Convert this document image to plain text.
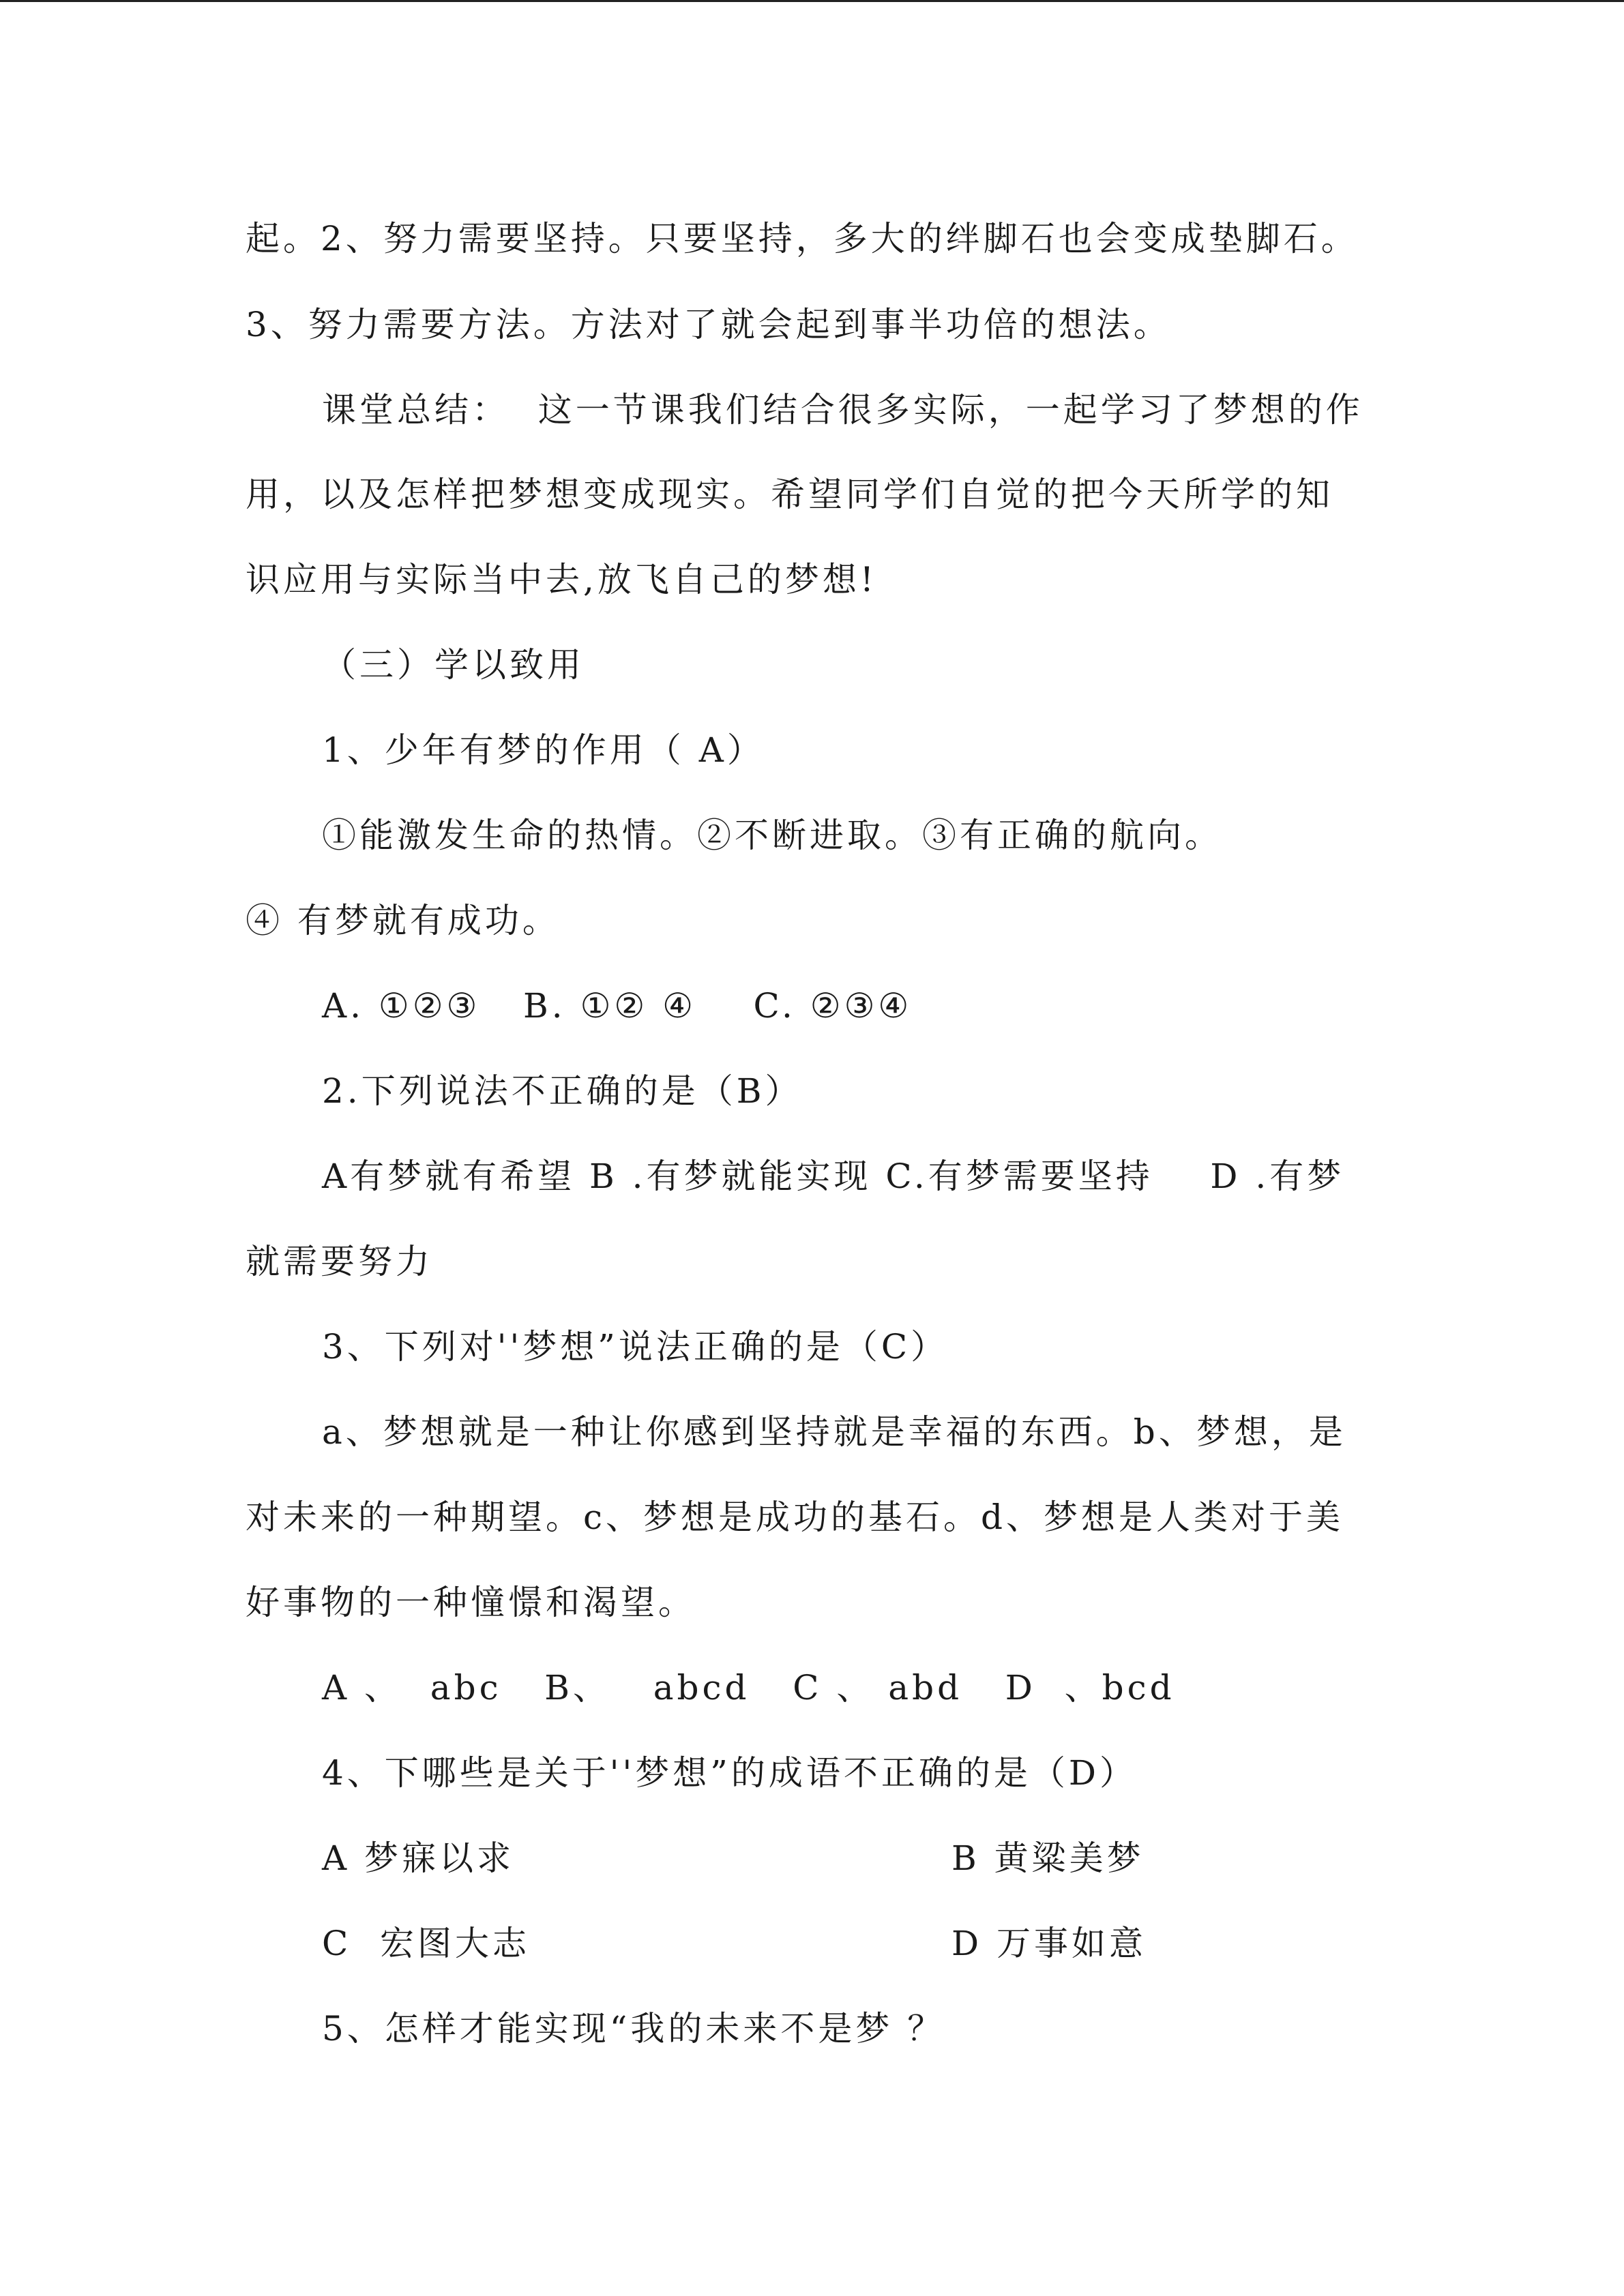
起。2、努力需要坚持。只要坚持，多大的绊脚石也会变成垫脚石。

3、努力需要方法。方法对了就会起到事半功倍的想法。

课堂总结：  这一节课我们结合很多实际，一起学习了梦想的作

用，以及怎样把梦想变成现实。希望同学们自觉的把今天所学的知

识应用与实际当中去,放飞自己的梦想!

（三）学以致用

1、少年有梦的作用（ A）

①能激发生命的热情。②不断进取。③有正确的航向。

④ 有梦就有成功。

A. ①②③   B. ①② ④    C. ②③④

2.下列说法不正确的是（B）

A有梦就有希望 B .有梦就能实现 C.有梦需要坚持    D .有梦

就需要努力

3、下列对''梦想”说法正确的是（C）

a、梦想就是一种让你感到坚持就是幸福的东西。b、梦想，是

对未来的一种期望。c、梦想是成功的基石。d、梦想是人类对于美

好事物的一种憧憬和渴望。

A 、  abc   B、   abcd   C 、 abd   D  、bcd

4、下哪些是关于''梦想”的成语不正确的是（D）

A 梦寐以求	B 黄粱美梦

C  宏图大志	D 万事如意

5、怎样才能实现“我的未来不是梦 ？
